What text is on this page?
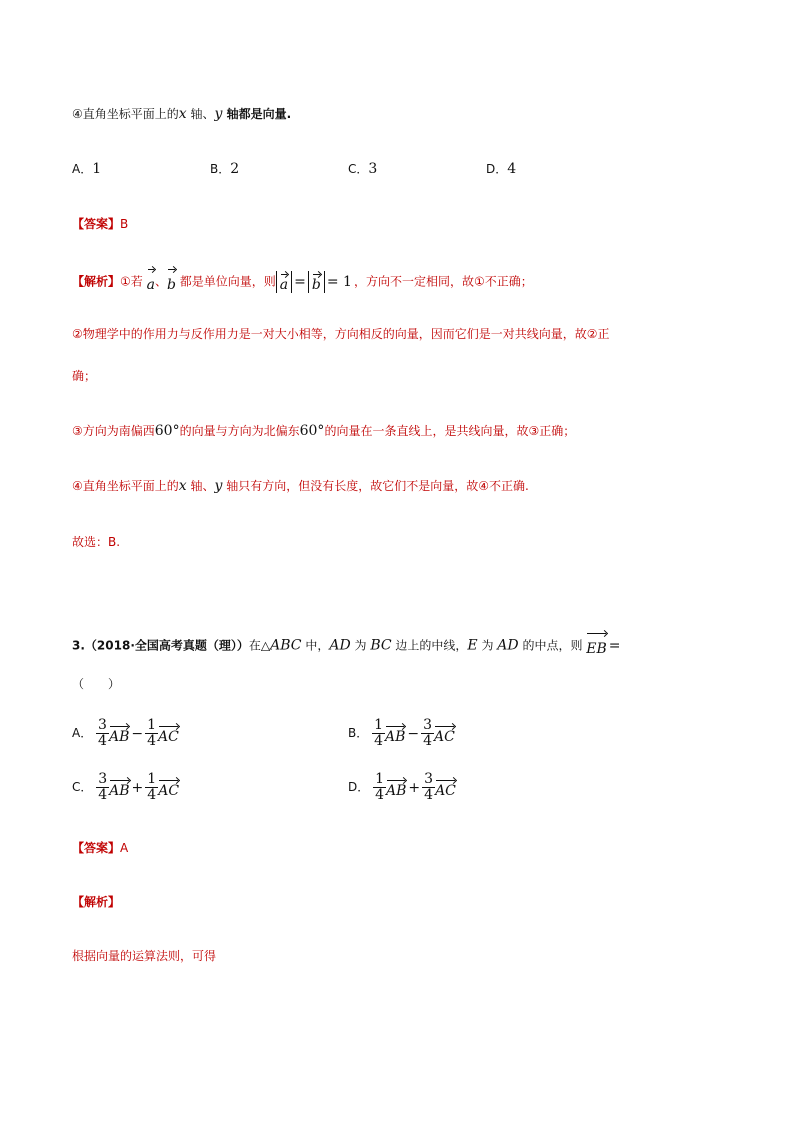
④直角坐标平面上的x 轴、y 轴都是向量.
A．1	B．2	C．3	D．4
【答案】B
【解析】①若 a、b 都是单位向量，则 a = b = 1 ，方向不一定相同，故①不正确；
②物理学中的作用力与反作用力是一对大小相等，方向相反的向量，因而它们是一对共线向量，故②正
确；
③方向为南偏西60°的向量与方向为北偏东60°的向量在一条直线上，是共线向量，故③正确；
④直角坐标平面上的x 轴、y 轴只有方向，但没有长度，故它们不是向量，故④不正确.
故选：B.
3.（2018·全国高考真题（理））在△ABC 中，AD 为 BC 边上的中线，E 为 AD 的中点，则 EB =
（　　）
A． $\frac{3}{4}$ AB − $\frac{1}{4}$ AC	B． $\frac{1}{4}$ AB − $\frac{3}{4}$ AC
C． $\frac{3}{4}$ AB + $\frac{1}{4}$ AC	D． $\frac{1}{4}$ AB + $\frac{3}{4}$ AC
【答案】A
【解析】
根据向量的运算法则，可得
